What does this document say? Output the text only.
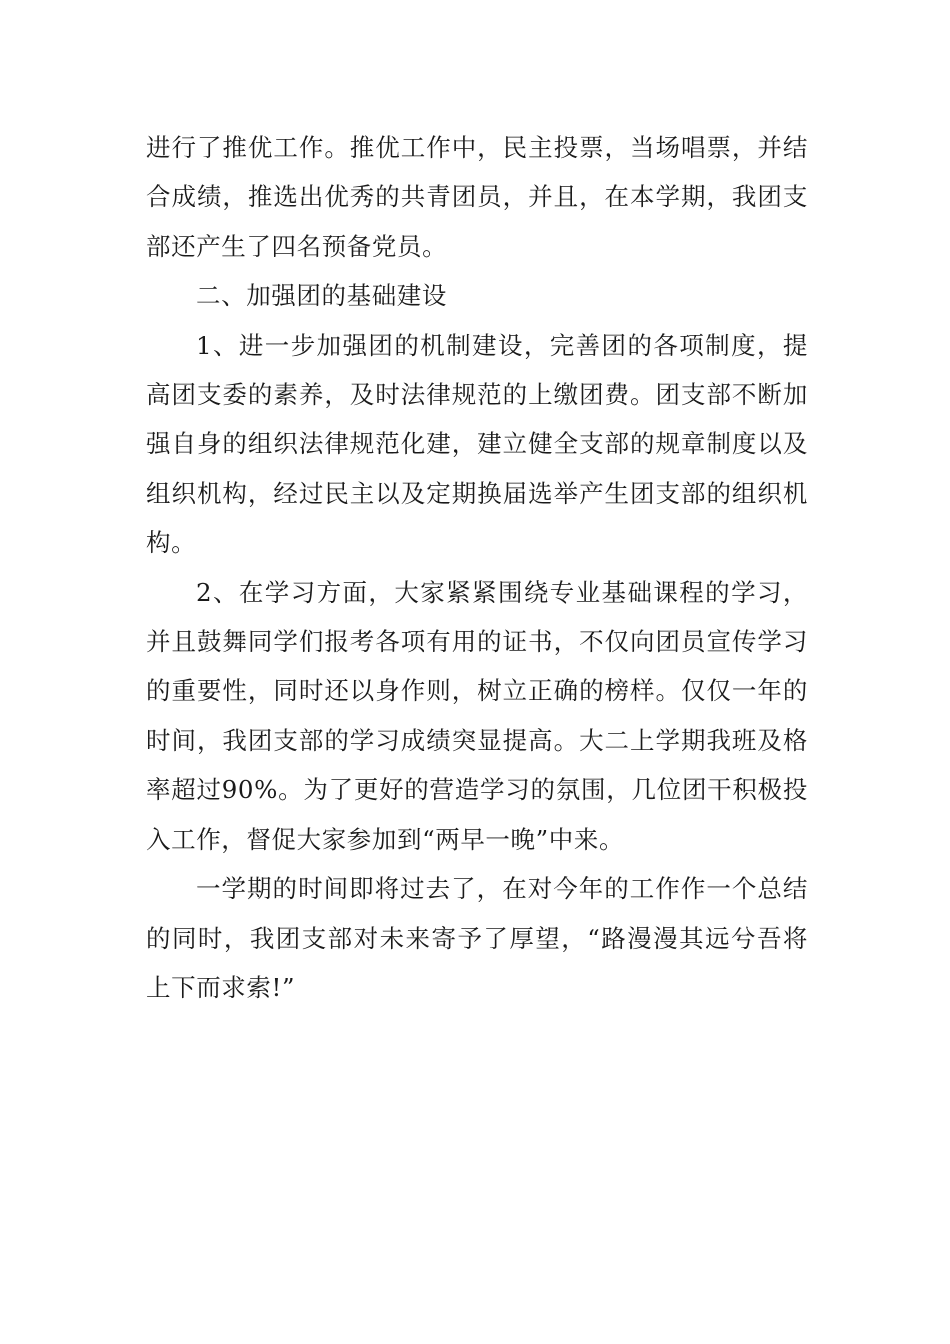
进行了推优工作。推优工作中，民主投票，当场唱票，并结合成绩，推选出优秀的共青团员，并且，在本学期，我团支部还产生了四名预备党员。

二、加强团的基础建设

1、进一步加强团的机制建设，完善团的各项制度，提高团支委的素养，及时法律规范的上缴团费。团支部不断加强自身的组织法律规范化建，建立健全支部的规章制度以及组织机构，经过民主以及定期换届选举产生团支部的组织机构。

2、在学习方面，大家紧紧围绕专业基础课程的学习，并且鼓舞同学们报考各项有用的证书，不仅向团员宣传学习的重要性，同时还以身作则，树立正确的榜样。仅仅一年的时间，我团支部的学习成绩突显提高。大二上学期我班及格率超过90%。为了更好的营造学习的氛围，几位团干积极投入工作，督促大家参加到“两早一晚”中来。

一学期的时间即将过去了，在对今年的工作作一个总结的同时，我团支部对未来寄予了厚望，“路漫漫其远兮吾将上下而求索!”
